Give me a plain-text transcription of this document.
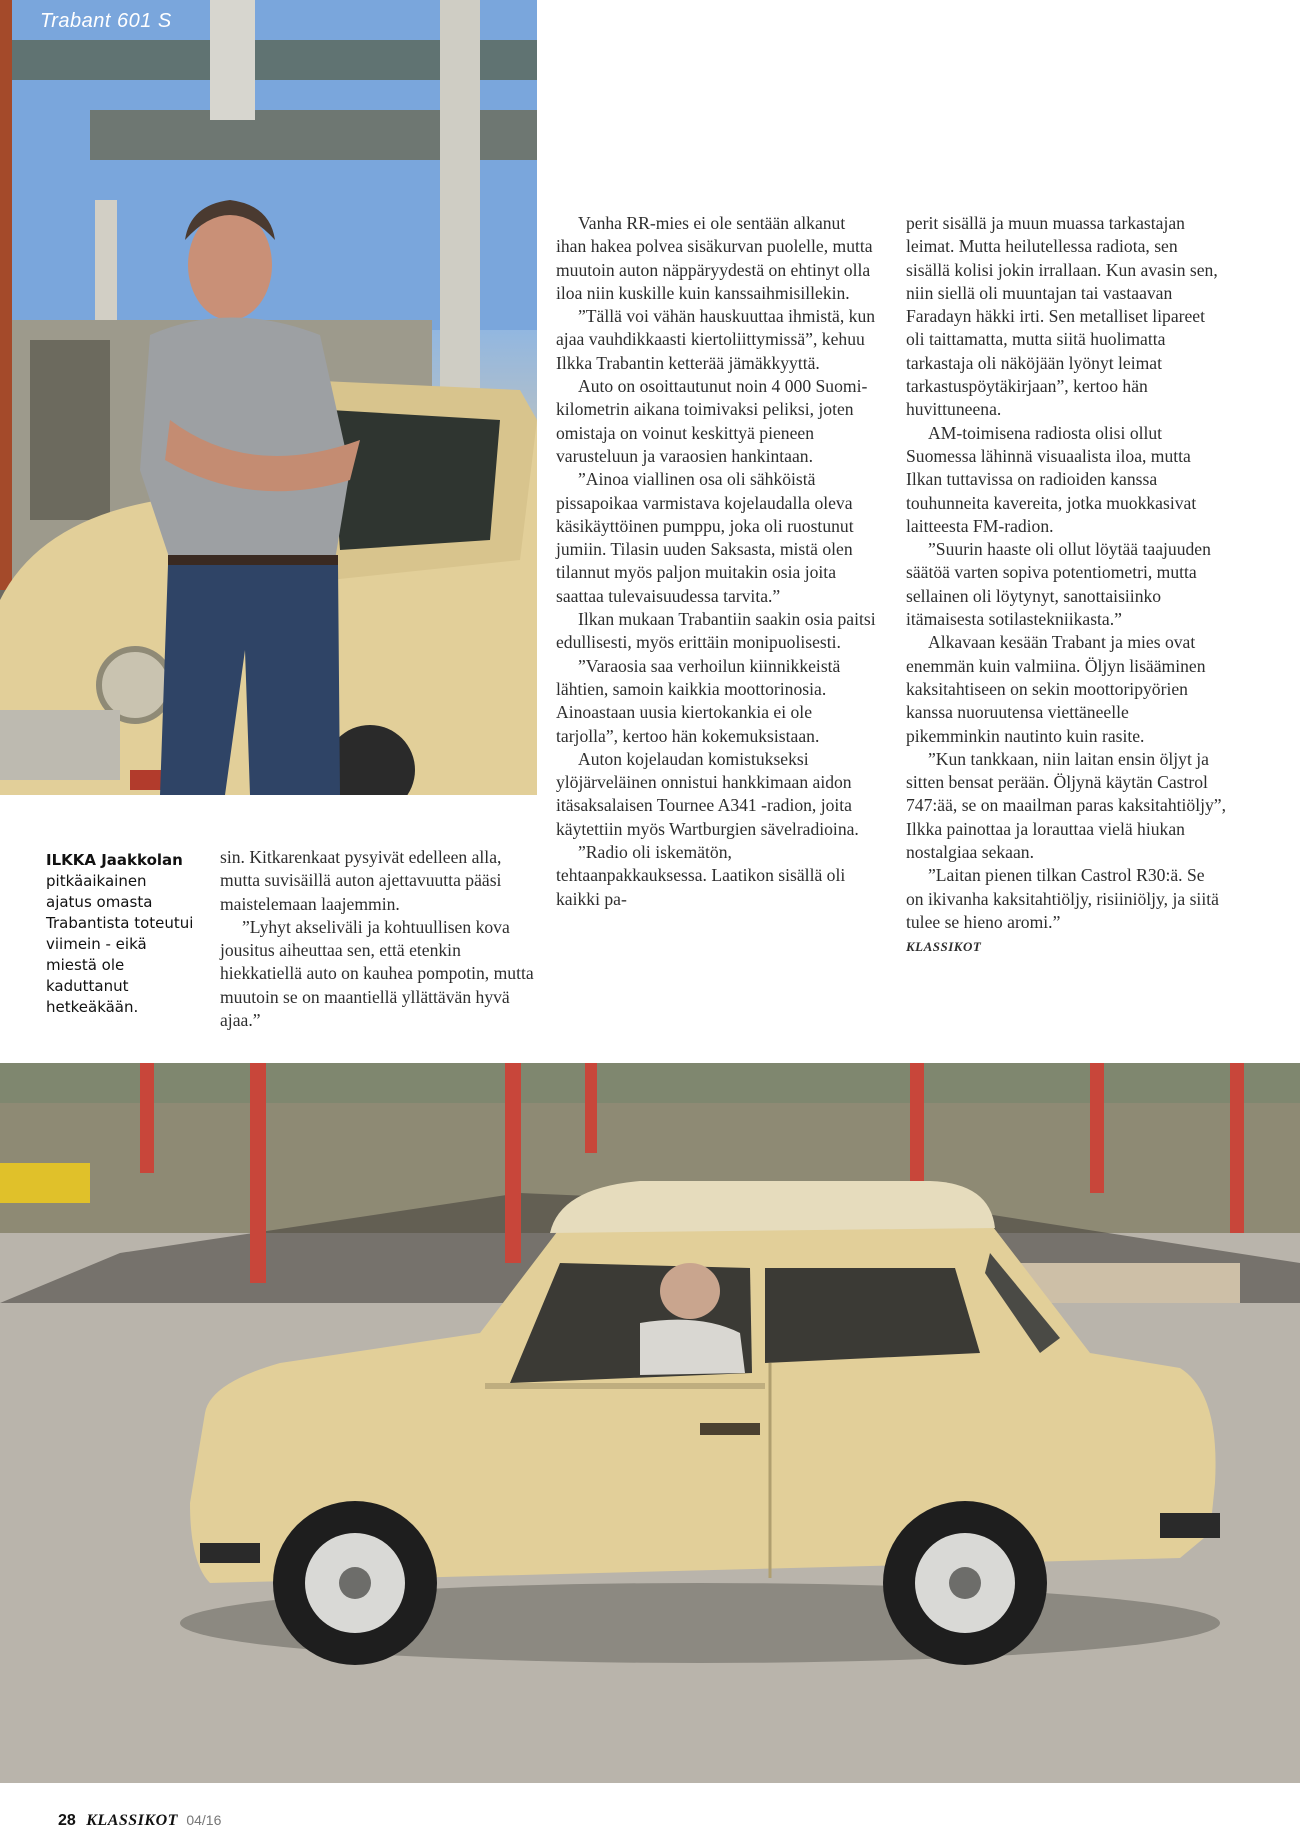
Trabant 601 S
ILKKA Jaakkolan pitkäaikainen ajatus omasta Trabantista toteutui viimein - eikä miestä ole kaduttanut hetkeäkään.

sin. Kitkarenkaat pysyivät edelleen alla, mutta suvisäillä auton ajettavuutta pääsi maistelemaan laajemmin.

”Lyhyt akseliväli ja kohtuullisen kova jousitus aiheuttaa sen, että etenkin hiekkatiellä auto on kauhea pompotin, mutta muutoin se on maantiellä yllättävän hyvä ajaa.”

Vanha RR-mies ei ole sentään alkanut ihan hakea polvea sisäkurvan puolelle, mutta muutoin auton näppäryydestä on ehtinyt olla iloa niin kuskille kuin kanssaihmisillekin.

”Tällä voi vähän hauskuuttaa ihmistä, kun ajaa vauhdikkaasti kiertoliittymissä”, kehuu Ilkka Trabantin ketterää jämäkkyyttä.

Auto on osoittautunut noin 4 000 Suomi-kilometrin aikana toimivaksi peliksi, joten omistaja on voinut keskittyä pieneen varusteluun ja varaosien hankintaan.

”Ainoa viallinen osa oli sähköistä pissapoikaa varmistava kojelaudalla oleva käsikäyttöinen pumppu, joka oli ruostunut jumiin. Tilasin uuden Saksasta, mistä olen tilannut myös paljon muitakin osia joita saattaa tulevaisuudessa tarvita.”

Ilkan mukaan Trabantiin saakin osia paitsi edullisesti, myös erittäin monipuolisesti.

”Varaosia saa verhoilun kiinnikkeistä lähtien, samoin kaikkia moottorinosia. Ainoastaan uusia kiertokankia ei ole tarjolla”, kertoo hän kokemuksistaan.

Auton kojelaudan komistukseksi ylöjärveläinen onnistui hankkimaan aidon itäsaksalaisen Tournee A341 -radion, joita käytettiin myös Wartburgien sävelradioina.

”Radio oli iskemätön, tehtaanpakkauksessa. Laatikon sisällä oli kaikki pa-

perit sisällä ja muun muassa tarkastajan leimat. Mutta heilutellessa radiota, sen sisällä kolisi jokin irrallaan. Kun avasin sen, niin siellä oli muuntajan tai vastaavan Faradayn häkki irti. Sen metalliset lipareet oli taittamatta, mutta siitä huolimatta tarkastaja oli näköjään lyönyt leimat tarkastuspöytäkirjaan”, kertoo hän huvittuneena.

AM-toimisena radiosta olisi ollut Suomessa lähinnä visuaalista iloa, mutta Ilkan tuttavissa on radioiden kanssa touhunneita kavereita, jotka muokkasivat laitteesta FM-radion.

”Suurin haaste oli ollut löytää taajuuden säätöä varten sopiva potentiometri, mutta sellainen oli löytynyt, sanottaisiinko itämaisesta sotilastekniikasta.”

Alkavaan kesään Trabant ja mies ovat enemmän kuin valmiina. Öljyn lisääminen kaksitahtiseen on sekin moottoripyörien kanssa nuoruutensa viettäneelle pikemminkin nautinto kuin rasite.

”Kun tankkaan, niin laitan ensin öljyt ja sitten bensat perään. Öljynä käytän Castrol 747:ää, se on maailman paras kaksitahtiöljy”, Ilkka painottaa ja lorauttaa vielä hiukan nostalgiaa sekaan.

”Laitan pienen tilkan Castrol R30:ä. Se on ikivanha kaksitahtiöljy, risiiniöljy, ja siitä tulee se hieno aromi.”

KLASSIKOT

28 KLASSIKOT 04/16
